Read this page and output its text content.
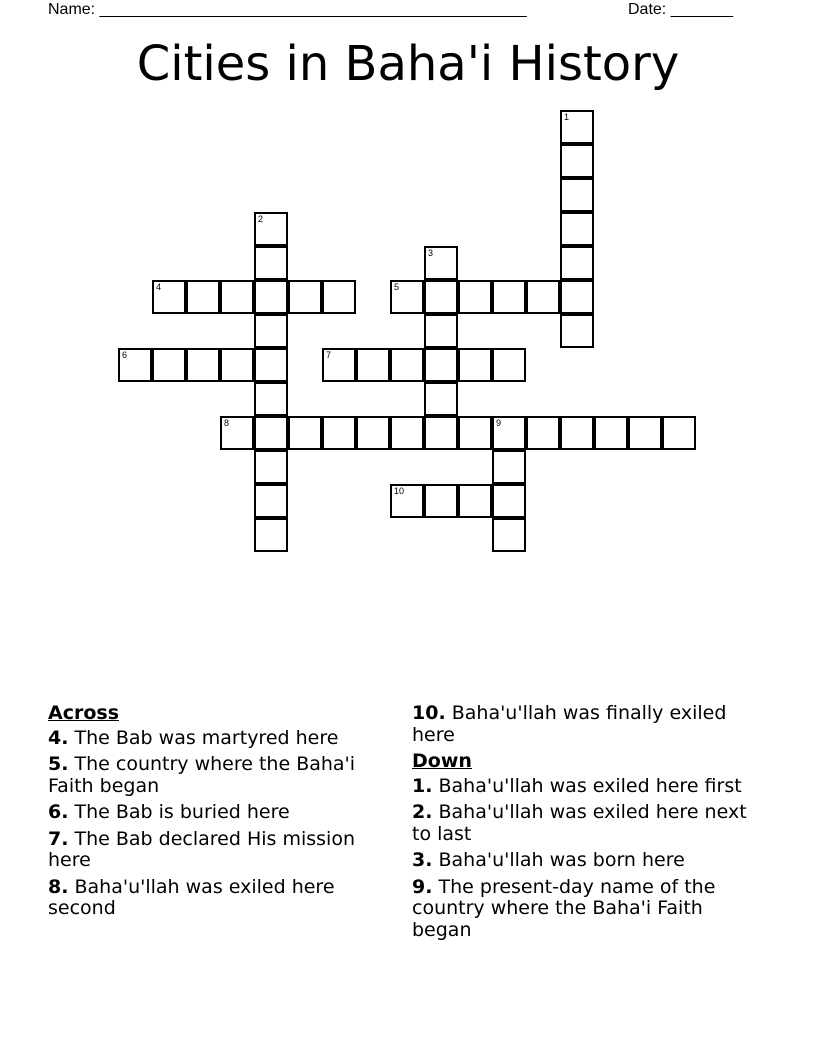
Name: ________________________________________________	Date: _______
Cities in Baha'i History
1
2
3
4	5
6	7
8	9
10
Across
4. The Bab was martyred here
5. The country where the Baha'i Faith began
6. The Bab is buried here
7. The Bab declared His mission here
8. Baha'u'llah was exiled here second
10. Baha'u'llah was finally exiled here
Down
1. Baha'u'llah was exiled here first
2. Baha'u'llah was exiled here next to last
3. Baha'u'llah was born here
9. The present-day name of the country where the Baha'i Faith began
